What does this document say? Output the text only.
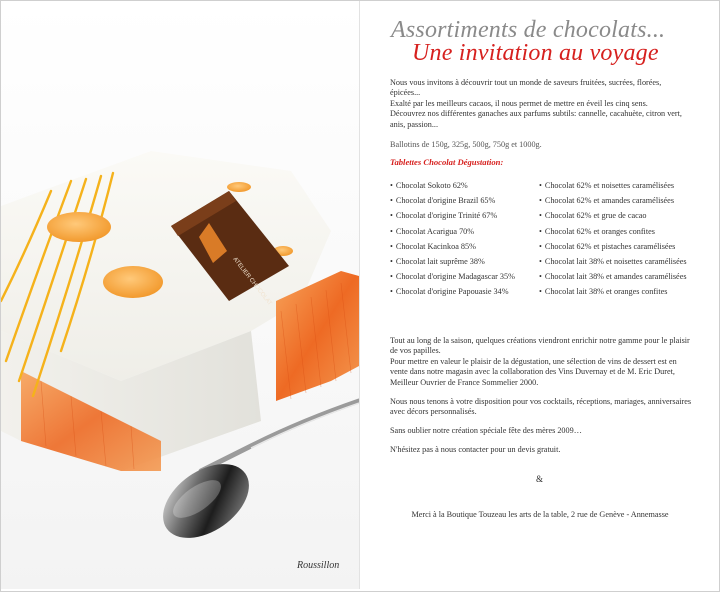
ATELIER CHOCOLAT
Roussillon
Assortiments de chocolats...
Une invitation au voyage

Nous vous invitons à découvrir tout un monde de saveurs fruitées, sucrées, florées, épicées...

Exalté par les meilleurs cacaos, il nous permet de mettre en éveil les cinq sens.

Découvrez nos différentes ganaches aux parfums subtils: cannelle, cacahuète, citron vert, anis, passion...

Ballotins de 150g, 325g, 500g, 750g et 1000g.
Tablettes Chocolat Dégustation:
• Chocolat Sokoto 62%
• Chocolat d'origine Brazil 65%
• Chocolat d'origine Trinité 67%
• Chocolat Acarigua 70%
• Chocolat Kacinkoa 85%
• Chocolat lait suprême 38%
• Chocolat d'origine Madagascar 35%
• Chocolat d'origine Papouasie 34%
• Chocolat 62% et noisettes caramélisées
• Chocolat 62% et amandes caramélisées
• Chocolat 62% et grue de cacao
• Chocolat 62% et oranges confites
• Chocolat 62% et pistaches caramélisées
• Chocolat lait 38% et noisettes caramélisées
• Chocolat lait 38% et amandes caramélisées
• Chocolat lait 38% et oranges confites

Tout au long de la saison, quelques créations viendront enrichir notre gamme pour le plaisir de vos papilles.

Pour mettre en valeur le plaisir de la dégustation, une sélection de vins de dessert est en vente dans notre magasin avec la collaboration des Vins Duvernay et de M. Eric Duret, Meilleur Ouvrier de France Sommelier 2000.

Nous nous tenons à votre disposition pour vos cocktails, réceptions, mariages, anniversaires avec décors personnalisés.

Sans oublier notre création spéciale fête des mères 2009…

N'hésitez pas à nous contacter pour un devis gratuit.

&
Merci à la Boutique Touzeau les arts de la table, 2 rue de Genève - Annemasse
